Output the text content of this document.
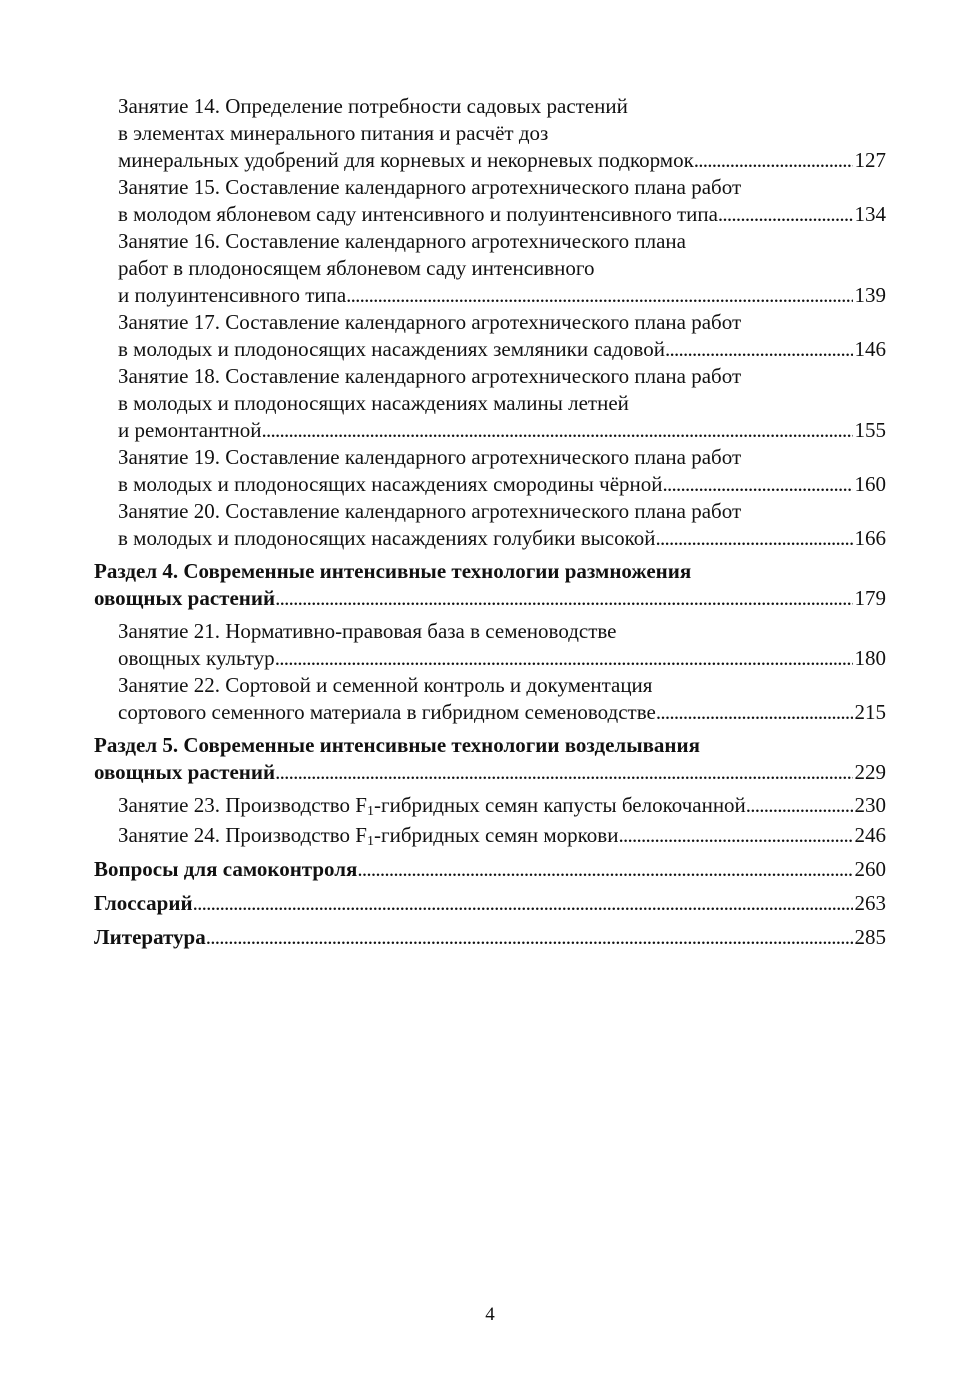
Занятие 14. Определение потребности садовых растений
в элементах минерального питания и расчёт доз
минеральных удобрений для корневых и некорневых подкормок . . .	127
Занятие 15. Составление календарного агротехнического плана работ
в молодом яблоневом саду интенсивного и полуинтенсивного типа . . .	134
Занятие 16. Составление календарного агротехнического плана
работ в плодоносящем яблоневом саду интенсивного
и полуинтенсивного типа . . .	139
Занятие 17. Составление календарного агротехнического плана работ
в молодых и плодоносящих насаждениях земляники садовой . . .	146
Занятие 18. Составление календарного агротехнического плана работ
в молодых и плодоносящих насаждениях малины летней
и ремонтантной . . .	155
Занятие 19. Составление календарного агротехнического плана работ
в молодых и плодоносящих насаждениях смородины чёрной . . .	160
Занятие 20. Составление календарного агротехнического плана работ
в молодых и плодоносящих насаждениях голубики высокой . . .	166
Раздел 4. Современные интенсивные технологии размножения
овощных растений . . .	179
Занятие 21. Нормативно-правовая база в семеноводстве
овощных культур . . .	180
Занятие 22. Сортовой и семенной контроль и документация
сортового семенного материала в гибридном семеноводстве . . .	215
Раздел 5. Современные интенсивные технологии возделывания
овощных растений . . .	229
Занятие 23. Производство $F_1$-гибридных семян капусты белокочанной . . .	230
Занятие 24. Производство $F_1$-гибридных семян моркови . . .	246
Вопросы для самоконтроля . . .	260
Глоссарий . . .	263
Литература . . .	285
4
